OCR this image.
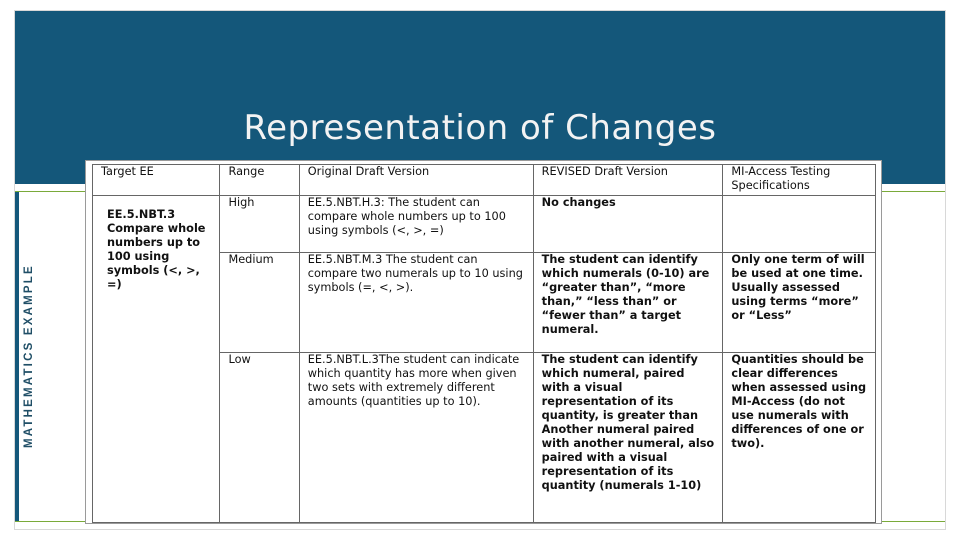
Representation of Changes
MATHEMATICS EXAMPLE
Target EE	Range	Original Draft Version	REVISED Draft Version	MI-Access Testing Specifications
EE.5.NBT.3 Compare whole numbers up to 100 using symbols (<, >, =)	High	EE.5.NBT.H.3: The student can compare whole numbers up to 100 using symbols (<, >, =)	No changes	
	Medium	EE.5.NBT.M.3 The student can compare two numerals up to 10 using symbols (=, <, >).	The student can identify which numerals (0-10) are “greater than”, “more than,” “less than” or “fewer than” a target numeral.	Only one term of will be used at one time. Usually assessed using terms “more” or “Less”
	Low	EE.5.NBT.L.3The student can indicate which quantity has more when given two sets with extremely different amounts (quantities up to 10).	The student can identify which numeral, paired with a visual representation of its quantity, is greater than Another numeral paired with another numeral, also paired with a visual representation of its quantity (numerals 1-10)	Quantities should be clear differences when assessed using MI-Access (do not use numerals with differences of one or two).
